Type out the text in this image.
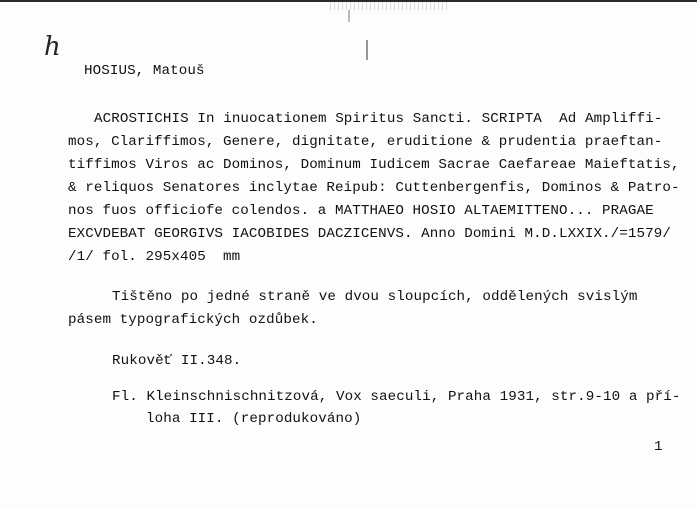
h
HOSIUS, Matouš
ACROSTICHIS In inuocationem Spiritus Sancti. SCRIPTA  Ad Ampliffi-
mos, Clariffimos, Genere, dignitate, eruditione & prudentia praeftan-
tiffimos Viros ac Dominos, Dominum Iudicem Sacrae Caefareae Maieftatis,
& reliquos Senatores inclytae Reipub: Cuttenbergenfis, Dominos & Patro-
nos fuos officiofe colendos. a MATTHAEO HOSIO ALTAEMITTENO... PRAGAE
EXCVDEBAT GEORGIVS IACOBIDES DACZICENVS. Anno Domini M.D.LXXIX./=1579/
/1/ fol. 295x405  mm
Tištěno po jedné straně ve dvou sloupcích, oddělených svislým
pásem typografických ozdůbek.
Rukověť II.348.
Fl. Kleinschnischnitzová, Vox saeculi, Praha 1931, str.9-10 a pří-
loha III. (reprodukováno)
1
